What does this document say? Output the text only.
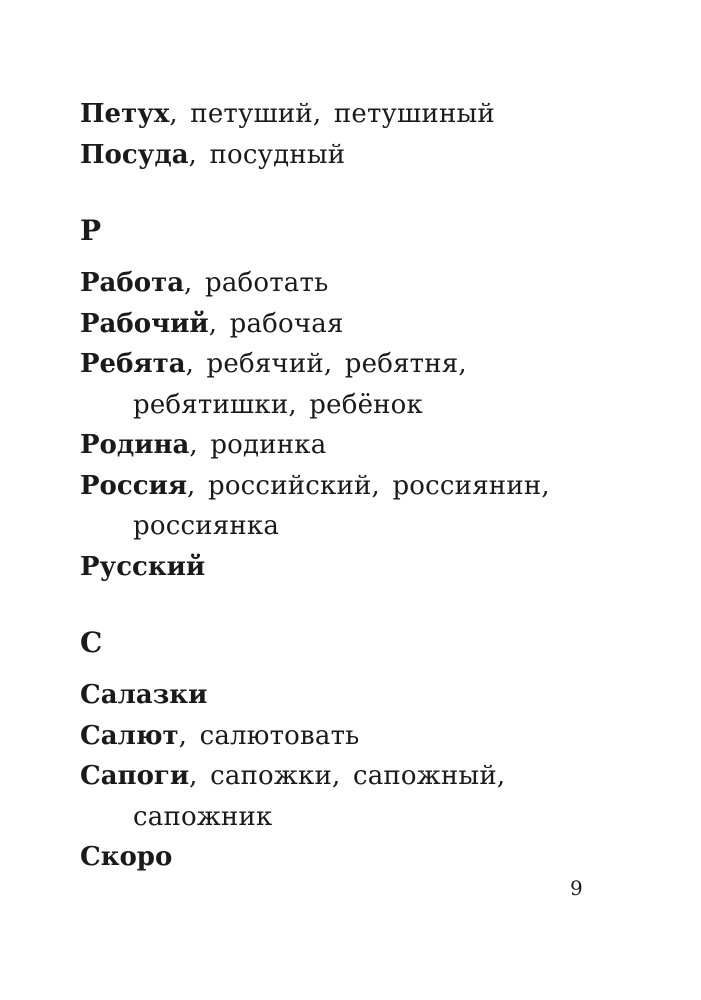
Петух, петуший, петушиный
Посуда, посудный
Р
Работа, работать
Рабочий, рабочая
Ребята, ребячий, ребятня,
ребятишки, ребёнок
Родина, родинка
Россия, российский, россиянин,
россиянка
Русский
С
Салазки
Салют, салютовать
Сапоги, сапожки, сапожный,
сапожник
Скоро
9
